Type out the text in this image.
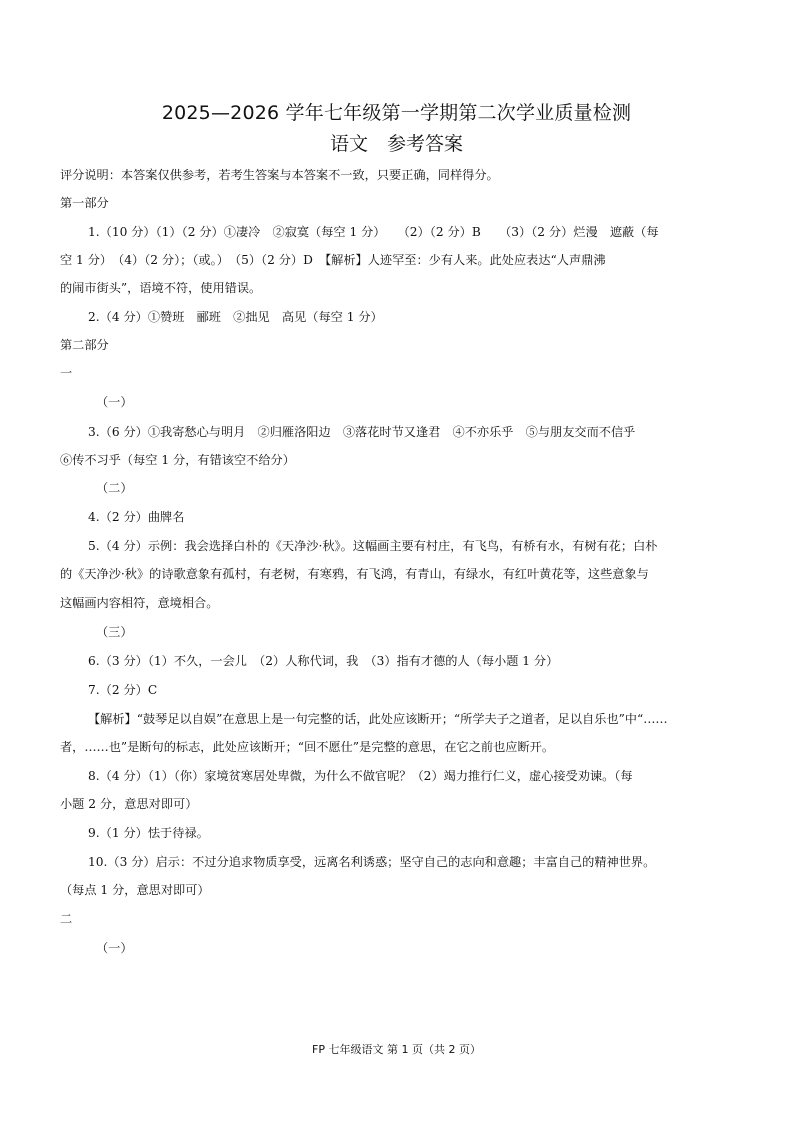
2025—2026 学年七年级第一学期第二次学业质量检测
语文　参考答案
评分说明：本答案仅供参考，若考生答案与本答案不一致，只要正确，同样得分。
第一部分
1.（10 分）（1）（2 分）①凄冷　②寂寞（每空 1 分）　　（2）（2 分）B　　（3）（2 分）烂漫　遮蔽（每
空 1 分）　（4）（2 分）；（或。）　（5）（2 分）D　【解析】人迹罕至：少有人来。此处应表达“人声鼎沸
的闹市街头”，语境不符，使用错误。
2.（4 分）①赞班　郦班　②拙见　高见（每空 1 分）
第二部分
一
（一）
3.（6 分）①我寄愁心与明月　②归雁洛阳边　③落花时节又逢君　④不亦乐乎　⑤与朋友交而不信乎
⑥传不习乎（每空 1 分，有错该空不给分）
（二）
4.（2 分）曲牌名
5.（4 分）示例：我会选择白朴的《天净沙·秋》。这幅画主要有村庄，有飞鸟，有桥有水，有树有花；白朴
的《天净沙·秋》的诗歌意象有孤村，有老树，有寒鸦，有飞鸿，有青山，有绿水，有红叶黄花等，这些意象与
这幅画内容相符，意境相合。
（三）
6.（3 分）（1）不久，一会儿　（2）人称代词，我　（3）指有才德的人（每小题 1 分）
7.（2 分）C
【解析】“鼓琴足以自娱”在意思上是一句完整的话，此处应该断开；“所学夫子之道者，足以自乐也”中“……
者，……也”是断句的标志，此处应该断开；“回不愿仕”是完整的意思，在它之前也应断开。
8.（4 分）（1）（你）家境贫寒居处卑微，为什么不做官呢？（2）竭力推行仁义，虚心接受劝谏。（每
小题 2 分，意思对即可）
9.（1 分）怯于待禄。
10.（3 分）启示：不过分追求物质享受，远离名利诱惑；坚守自己的志向和意趣；丰富自己的精神世界。
（每点 1 分，意思对即可）
二
（一）
FP 七年级语文 第 1 页（共 2 页）
